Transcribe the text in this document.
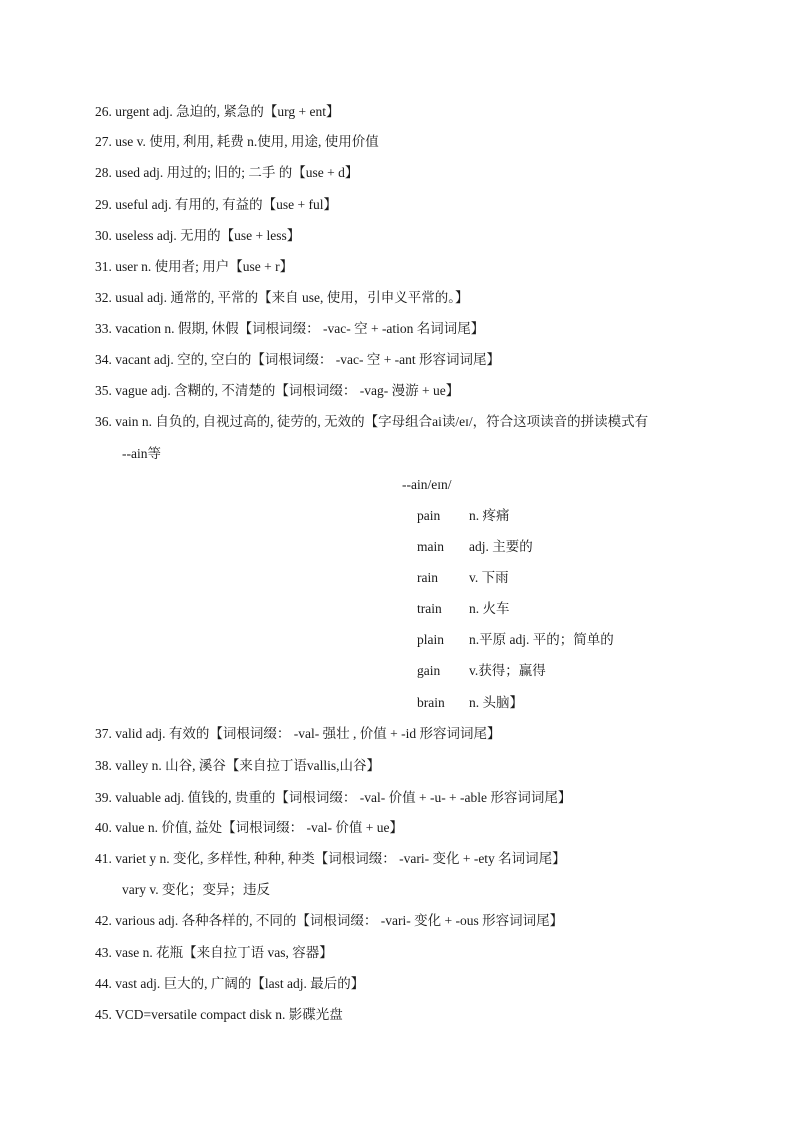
26. urgent adj. 急迫的, 紧急的【urg + ent】
27. use v. 使用, 利用, 耗费 n.使用, 用途, 使用价值
28. used adj. 用过的; 旧的; 二手 的【use + d】
29. useful adj. 有用的, 有益的【use + ful】
30. useless adj. 无用的【use + less】
31. user n. 使用者; 用户【use + r】
32. usual adj. 通常的, 平常的【来自 use, 使用，引申义平常的。】
33. vacation n. 假期, 休假【词根词缀： -vac- 空 + -ation 名词词尾】
34. vacant adj. 空的, 空白的【词根词缀： -vac- 空 + -ant 形容词词尾】
35. vague adj. 含糊的, 不清楚的【词根词缀： -vag- 漫游 + ue】
36. vain n. 自负的, 自视过高的, 徒劳的, 无效的【字母组合ai读/eɪ/，符合这项读音的拼读模式有
--ain等
--ain/eɪn/
pain n. 疼痛
main adj. 主要的
rain v. 下雨
train n. 火车
plain n.平原 adj. 平的；简单的
gain v.获得；赢得
brain n. 头脑】
37. valid adj. 有效的【词根词缀： -val- 强壮 , 价值 + -id 形容词词尾】
38. valley n. 山谷, 溪谷【来自拉丁语vallis,山谷】
39. valuable adj. 值钱的, 贵重的【词根词缀： -val- 价值 + -u- + -able 形容词词尾】
40. value n. 价值, 益处【词根词缀： -val- 价值 + ue】
41. variet y n. 变化, 多样性, 种种, 种类【词根词缀： -vari- 变化 + -ety 名词词尾】
vary v. 变化；变异；违反
42. various adj. 各种各样的, 不同的【词根词缀： -vari- 变化 + -ous 形容词词尾】
43. vase n. 花瓶【来自拉丁语 vas, 容器】
44. vast adj. 巨大的, 广阔的【last adj. 最后的】
45. VCD=versatile compact disk n. 影碟光盘
